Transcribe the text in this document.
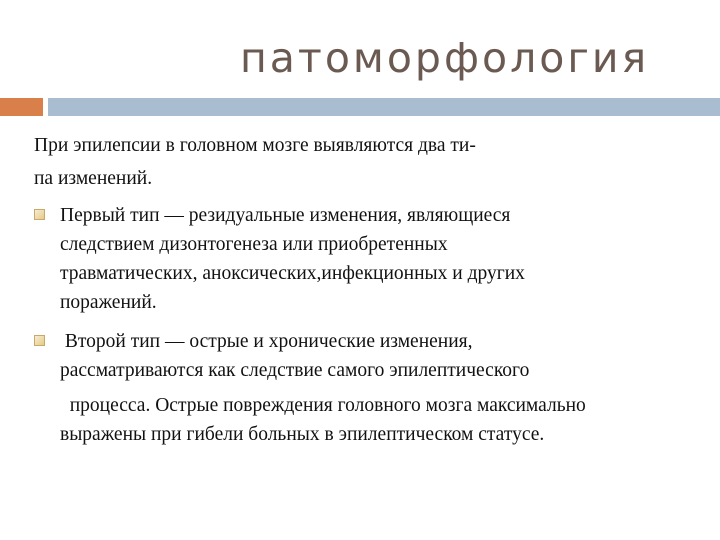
патоморфология

При эпилепсии в головном мозге выявляются два ти-

па изменений.

Первый тип — резидуальные изменения, являющиеся
следствием дизонтогенеза или приобретенных
травматических, аноксических,инфекционных и других
поражений.
Второй тип — острые и хронические изменения,
рассматриваются как следствие самого эпилептического
процесса. Острые повреждения головного мозга максимально
выражены при гибели больных в эпилептическом статусе.
